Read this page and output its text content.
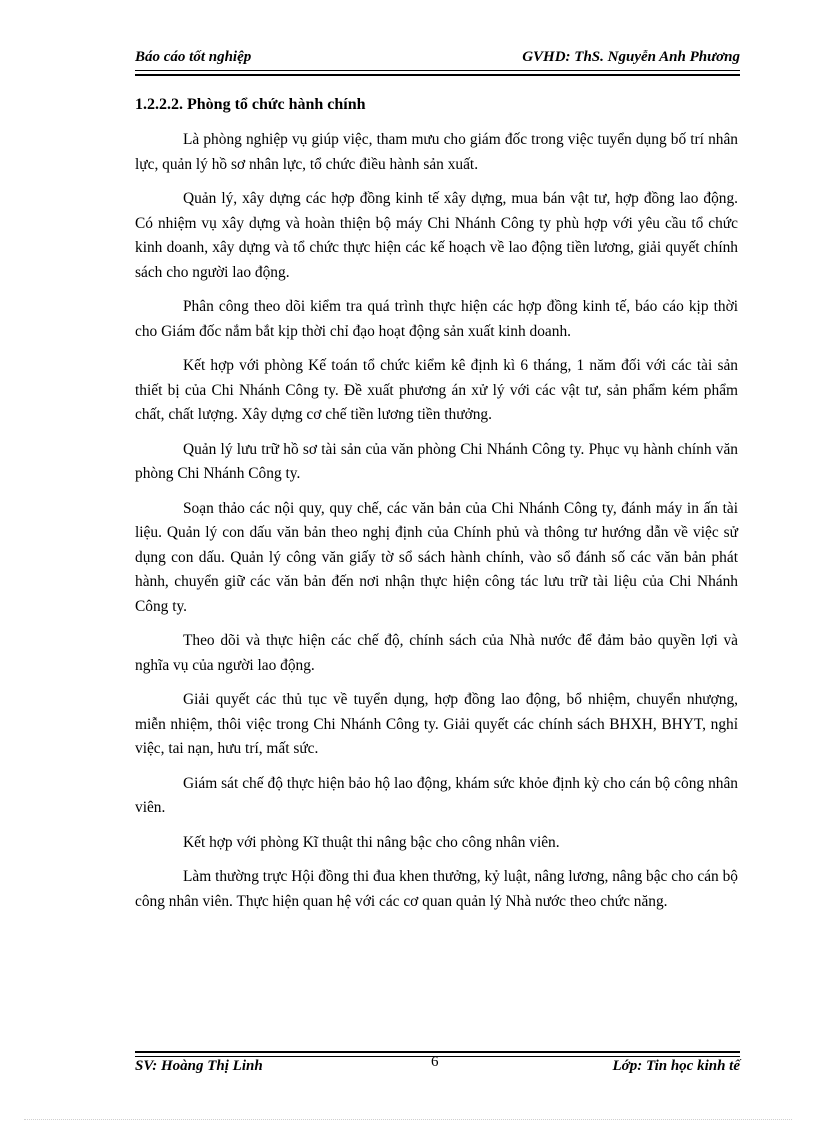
Báo cáo tốt nghiệp	GVHD: ThS. Nguyễn Anh Phương
1.2.2.2. Phòng tổ chức hành chính

Là phòng nghiệp vụ giúp việc, tham mưu cho giám đốc trong việc tuyển dụng bố trí nhân lực, quản lý hồ sơ nhân lực, tổ chức điều hành sản xuất.

Quản lý, xây dựng các hợp đồng kinh tế xây dựng, mua bán vật tư, hợp đồng lao động. Có nhiệm vụ xây dựng và hoàn thiện bộ máy Chi Nhánh Công ty phù hợp với yêu cầu tổ chức kinh doanh, xây dựng và tổ chức thực hiện các kế hoạch về lao động tiền lương, giải quyết chính sách cho người lao động.

Phân công theo dõi kiểm tra quá trình thực hiện các hợp đồng kinh tế, báo cáo kịp thời cho Giám đốc nắm bắt kịp thời chỉ đạo hoạt động sản xuất kinh doanh.

Kết hợp với phòng Kế toán tổ chức kiểm kê định kì 6 tháng, 1 năm đối với các tài sản thiết bị của Chi Nhánh Công ty. Đề xuất phương án xử lý với các vật tư, sản phẩm kém phẩm chất, chất lượng. Xây dựng cơ chế tiền lương tiền thưởng.

Quản lý lưu trữ hồ sơ tài sản của văn phòng Chi Nhánh Công ty. Phục vụ hành chính văn phòng Chi Nhánh Công ty.

Soạn thảo các nội quy, quy chế, các văn bản của Chi Nhánh Công ty, đánh máy in ấn tài liệu. Quản lý con dấu văn bản theo nghị định của Chính phủ và thông tư hướng dẫn về việc sử dụng con dấu. Quản lý công văn giấy tờ sổ sách hành chính, vào sổ đánh số các văn bản phát hành, chuyển giữ các văn bản đến nơi nhận thực hiện công tác lưu trữ tài liệu của Chi Nhánh Công ty.

Theo dõi và thực hiện các chế độ, chính sách của Nhà nước để đảm bảo quyền lợi và nghĩa vụ của người lao động.

Giải quyết các thủ tục về tuyển dụng, hợp đồng lao động, bổ nhiệm, chuyển nhượng, miễn nhiệm, thôi việc trong Chi Nhánh Công ty. Giải quyết các chính sách BHXH, BHYT, nghỉ việc, tai nạn, hưu trí, mất sức.

Giám sát chế độ thực hiện bảo hộ lao động, khám sức khỏe định kỳ cho cán bộ công nhân viên.

Kết hợp với phòng Kĩ thuật thi nâng bậc cho công nhân viên.

Làm thường trực Hội đồng thi đua khen thưởng, kỷ luật, nâng lương, nâng bậc cho cán bộ công nhân viên. Thực hiện quan hệ với các cơ quan quản lý Nhà nước theo chức năng.

SV: Hoàng Thị Linh	6	Lớp: Tin học kinh tế
